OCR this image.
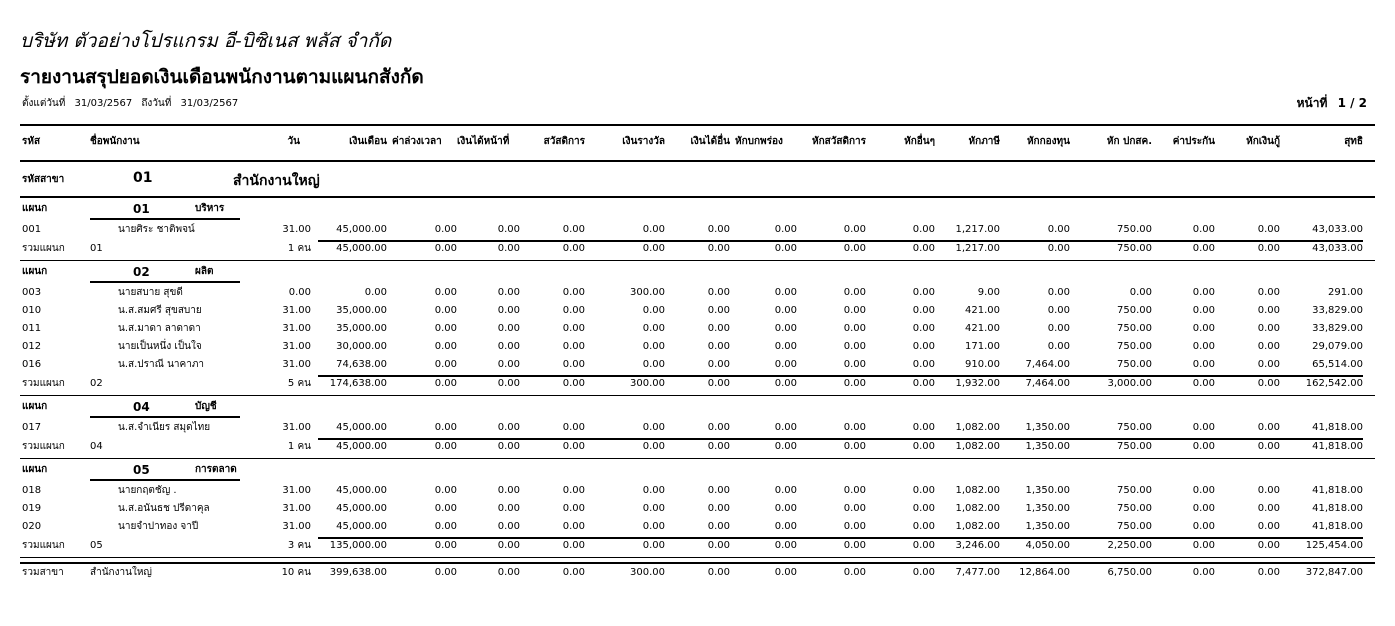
บริษัท ตัวอย่างโปรแกรม อี-บิซิเนส พลัส จำกัด
รายงานสรุปยอดเงินเดือนพนักงานตามแผนกสังกัด
ตั้งแต่วันที่ 31/03/2567 ถึงวันที่ 31/03/2567	หน้าที่ 1 / 2
รหัส	ชื่อพนักงาน	วัน	เงินเดือน ค่าล่วงเวลา เงินได้หน้าที่	สวัสดิการ	เงินรางวัล	เงินได้อื่น หักบกพร่อง	หักสวัสดิการ	หักอื่นๆ	หักภาษี	หักกองทุน	หัก ปกสค. ค่าประกัน	หักเงินกู้	สุทธิ
รหัสสาขา	01	สำนักงานใหญ่
แผนก	01	บริหาร
001	นายศิระ ชาติพจน์	31.00	45,000.00	0.00	0.00	0.00	0.00	0.00	0.00	0.00	0.00 1,217.00	0.00	750.00	0.00	0.00	43,033.00
รวมแผนก	01	1 คน	45,000.00	0.00	0.00	0.00	0.00	0.00	0.00	0.00	0.00 1,217.00	0.00	750.00	0.00	0.00	43,033.00
แผนก	02	ผลิต
003	นายสบาย สุขดี	0.00	0.00	0.00	0.00	0.00	300.00	0.00	0.00	0.00	0.00	9.00	0.00	0.00	0.00	0.00	291.00
010	น.ส.สมศรี สุขสบาย	31.00	35,000.00	0.00	0.00	0.00	0.00	0.00	0.00	0.00	0.00	421.00	0.00	750.00	0.00	0.00	33,829.00
011	น.ส.มาดา ลาดาดา	31.00	35,000.00	0.00	0.00	0.00	0.00	0.00	0.00	0.00	0.00	421.00	0.00	750.00	0.00	0.00	33,829.00
012	นายเป็นหนึ่ง เป็นใจ	31.00	30,000.00	0.00	0.00	0.00	0.00	0.00	0.00	0.00	0.00	171.00	0.00	750.00	0.00	0.00	29,079.00
016	น.ส.ปราณี นาคาภา	31.00	74,638.00	0.00	0.00	0.00	0.00	0.00	0.00	0.00	0.00	910.00	7,464.00	750.00	0.00	0.00	65,514.00
รวมแผนก	02	5 คน 174,638.00	0.00	0.00	0.00	300.00	0.00	0.00	0.00	0.00 1,932.00	7,464.00	3,000.00	0.00	0.00	162,542.00
แผนก	04	บัญชี
017	น.ส.จำเนียร สมุดไทย	31.00	45,000.00	0.00	0.00	0.00	0.00	0.00	0.00	0.00	0.00 1,082.00	1,350.00	750.00	0.00	0.00	41,818.00
รวมแผนก	04	1 คน	45,000.00	0.00	0.00	0.00	0.00	0.00	0.00	0.00	0.00 1,082.00	1,350.00	750.00	0.00	0.00	41,818.00
แผนก	05	การตลาด
018	นายกฤตชัญ .	31.00	45,000.00	0.00	0.00	0.00	0.00	0.00	0.00	0.00	0.00 1,082.00	1,350.00	750.00	0.00	0.00	41,818.00
019	น.ส.อนันธช ปรีดาคุล	31.00	45,000.00	0.00	0.00	0.00	0.00	0.00	0.00	0.00	0.00 1,082.00	1,350.00	750.00	0.00	0.00	41,818.00
020	นายจำปาทอง จาปี	31.00	45,000.00	0.00	0.00	0.00	0.00	0.00	0.00	0.00	0.00 1,082.00	1,350.00	750.00	0.00	0.00	41,818.00
รวมแผนก	05	3 คน 135,000.00	0.00	0.00	0.00	0.00	0.00	0.00	0.00	0.00 3,246.00	4,050.00	2,250.00	0.00	0.00	125,454.00
รวมสาขา	สำนักงานใหญ่	10 คน 399,638.00	0.00	0.00	0.00	300.00	0.00	0.00	0.00	0.00 7,477.00 12,864.00	6,750.00	0.00	0.00	372,847.00
